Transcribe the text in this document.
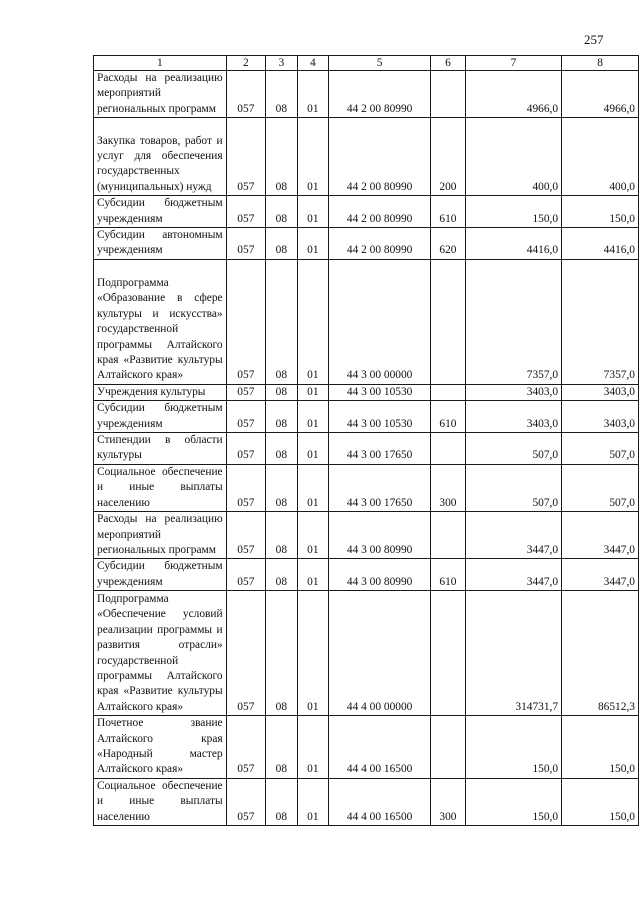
257
1	2	3	4	5	6	7	8
Расходы на реализацию мероприятий региональных программ	057	08	01	44 2 00 80990		4966,0	4966,0
Закупка товаров, работ и услуг для обеспечения государственных (муниципальных) нужд	057	08	01	44 2 00 80990	200	400,0	400,0
Субсидии бюджетным учреждениям	057	08	01	44 2 00 80990	610	150,0	150,0
Субсидии автономным учреждениям	057	08	01	44 2 00 80990	620	4416,0	4416,0
Подпрограмма «Образование в сфере культуры и искусства» государственной программы Алтайского края «Развитие культуры Алтайского края»	057	08	01	44 3 00 00000		7357,0	7357,0
Учреждения культуры	057	08	01	44 3 00 10530		3403,0	3403,0
Субсидии бюджетным учреждениям	057	08	01	44 3 00 10530	610	3403,0	3403,0
Стипендии в области культуры	057	08	01	44 3 00 17650		507,0	507,0
Социальное обеспечение и иные выплаты населению	057	08	01	44 3 00 17650	300	507,0	507,0
Расходы на реализацию мероприятий региональных программ	057	08	01	44 3 00 80990		3447,0	3447,0
Субсидии бюджетным учреждениям	057	08	01	44 3 00 80990	610	3447,0	3447,0
Подпрограмма «Обеспечение условий реализации программы и развития отрасли» государственной программы Алтайского края «Развитие культуры Алтайского края»	057	08	01	44 4 00 00000		314731,7	86512,3
Почетное звание Алтайского края «Народный мастер Алтайского края»	057	08	01	44 4 00 16500		150,0	150,0
Социальное обеспечение и иные выплаты населению	057	08	01	44 4 00 16500	300	150,0	150,0
